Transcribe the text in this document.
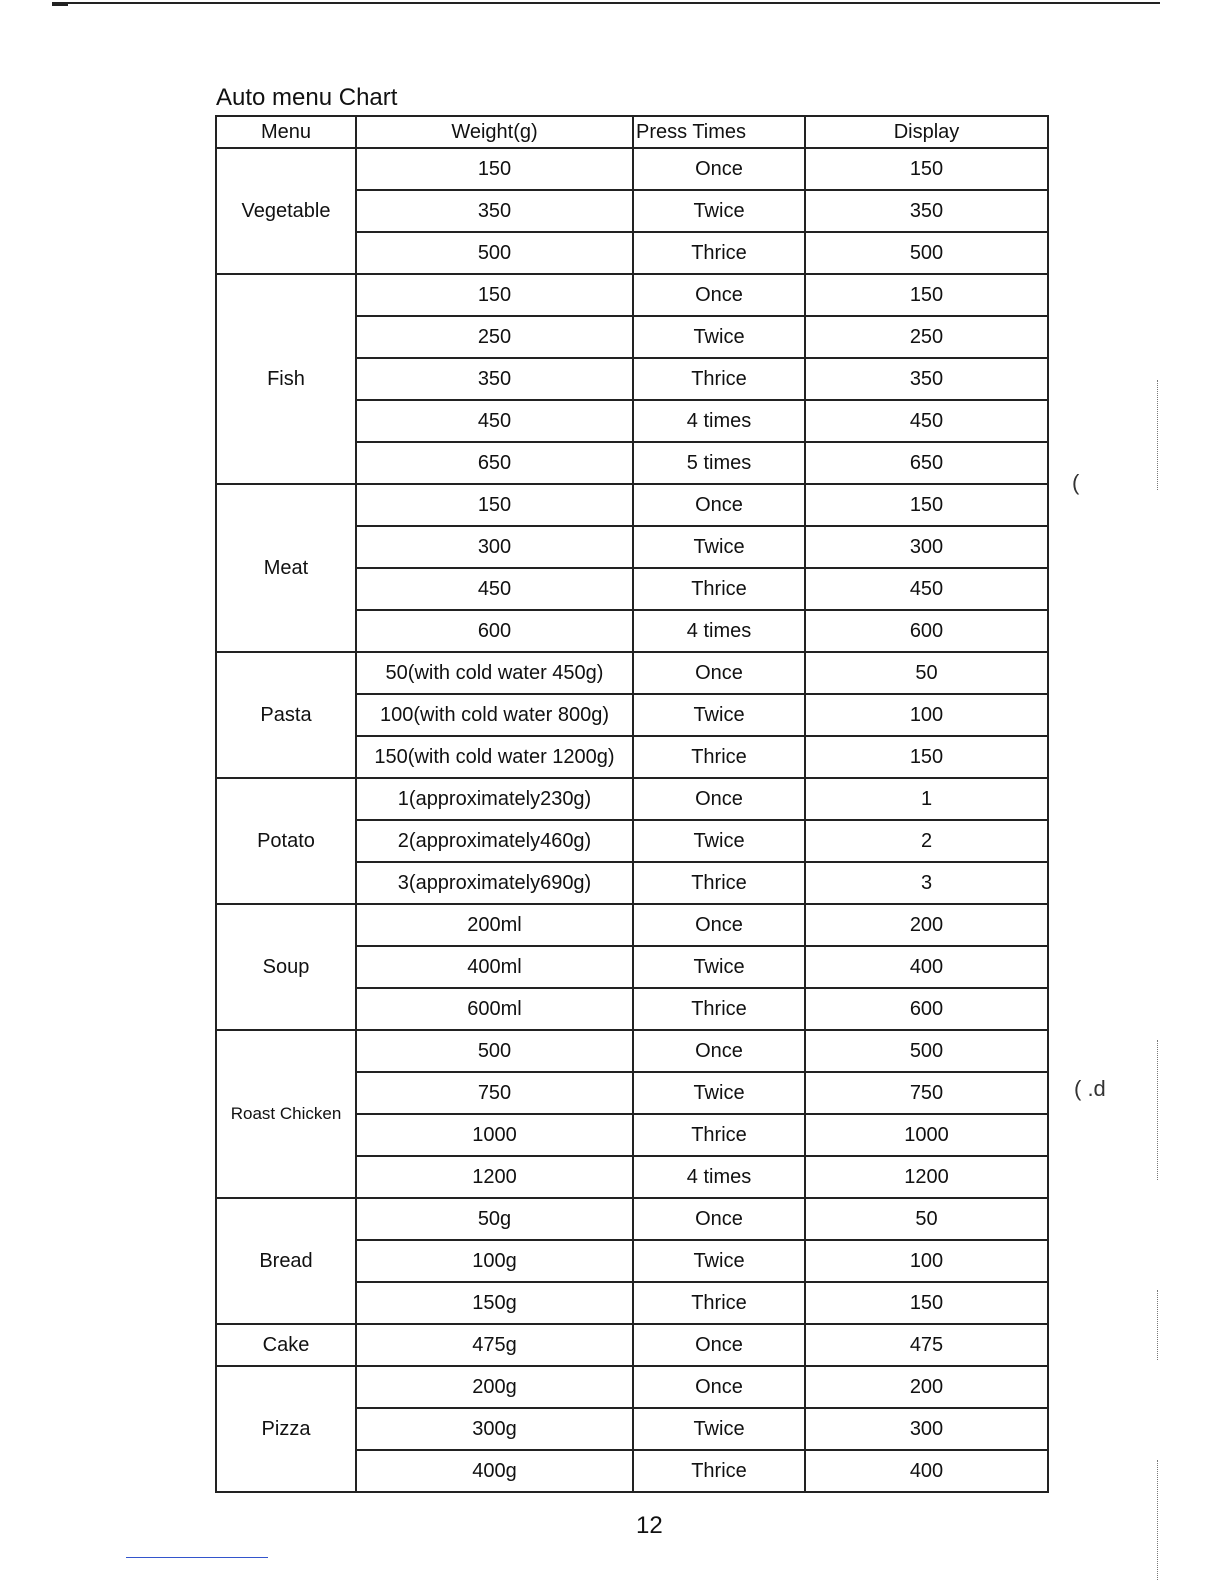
Auto menu Chart
Menu	Weight(g)	Press Times	Display
Vegetable	150	Once	150
	350	Twice	350
	500	Thrice	500
Fish	150	Once	150
	250	Twice	250
	350	Thrice	350
	450	4 times	450
	650	5 times	650
Meat	150	Once	150
	300	Twice	300
	450	Thrice	450
	600	4 times	600
Pasta	50(with cold water 450g)	Once	50
	100(with cold water 800g)	Twice	100
	150(with cold water 1200g)	Thrice	150
Potato	1(approximately230g)	Once	1
	2(approximately460g)	Twice	2
	3(approximately690g)	Thrice	3
Soup	200ml	Once	200
	400ml	Twice	400
	600ml	Thrice	600
Roast Chicken	500	Once	500
	750	Twice	750
	1000	Thrice	1000
	1200	4 times	1200
Bread	50g	Once	50
	100g	Twice	100
	150g	Thrice	150
Cake	475g	Once	475
Pizza	200g	Once	200
	300g	Twice	300
	400g	Thrice	400
(
( .d
12
